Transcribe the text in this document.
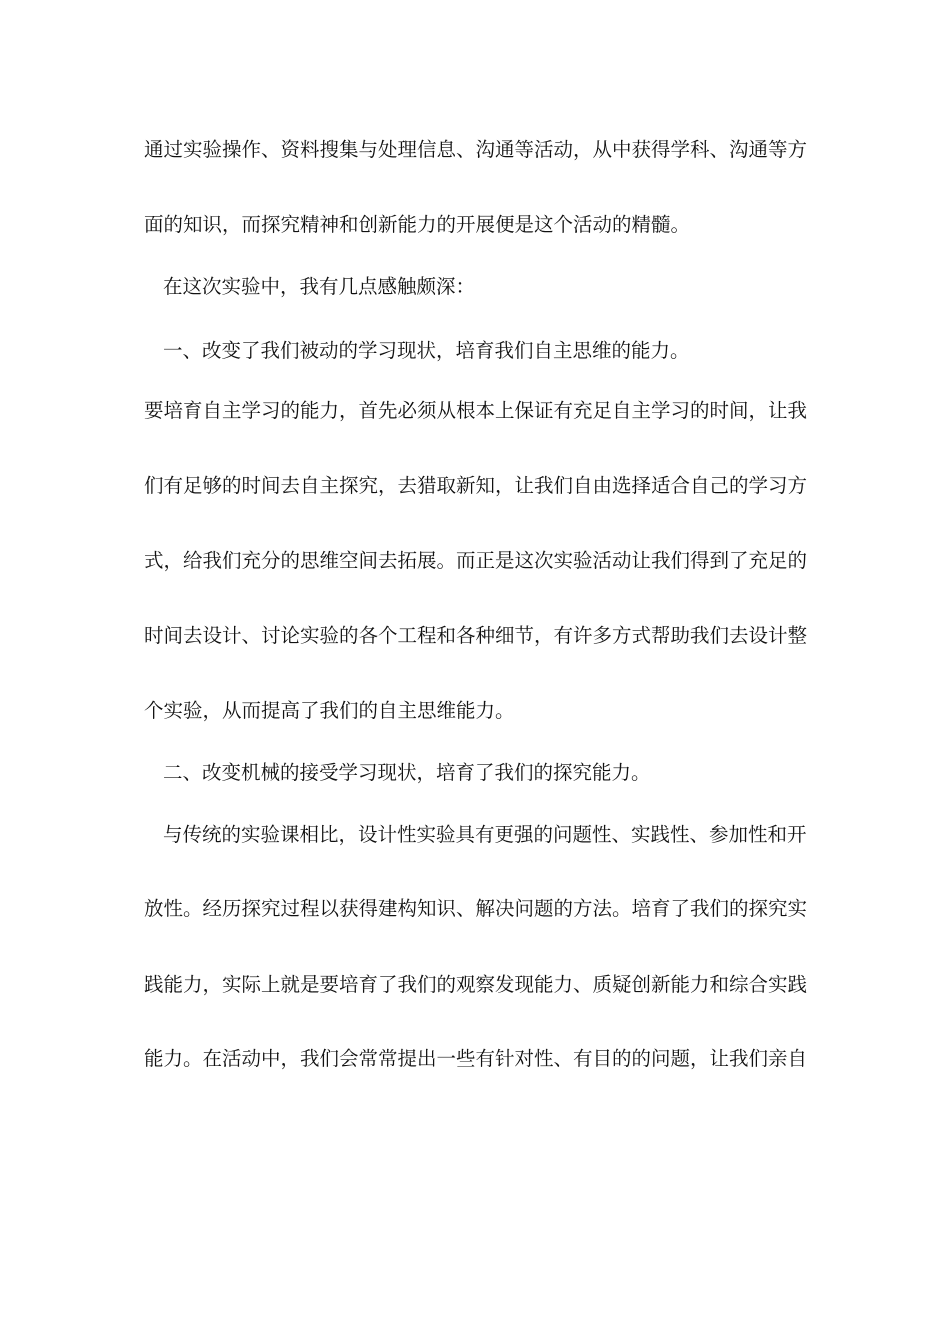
通过实验操作、资料搜集与处理信息、沟通等活动，从中获得学科、沟通等方
面的知识，而探究精神和创新能力的开展便是这个活动的精髓。
在这次实验中，我有几点感触颇深：
一、改变了我们被动的学习现状，培育我们自主思维的能力。
要培育自主学习的能力，首先必须从根本上保证有充足自主学习的时间，让我
们有足够的时间去自主探究，去猎取新知，让我们自由选择适合自己的学习方
式，给我们充分的思维空间去拓展。而正是这次实验活动让我们得到了充足的
时间去设计、讨论实验的各个工程和各种细节，有许多方式帮助我们去设计整
个实验，从而提高了我们的自主思维能力。
二、改变机械的接受学习现状，培育了我们的探究能力。
与传统的实验课相比，设计性实验具有更强的问题性、实践性、参加性和开
放性。经历探究过程以获得建构知识、解决问题的方法。培育了我们的探究实
践能力，实际上就是要培育了我们的观察发现能力、质疑创新能力和综合实践
能力。在活动中，我们会常常提出一些有针对性、有目的的问题，让我们亲自
